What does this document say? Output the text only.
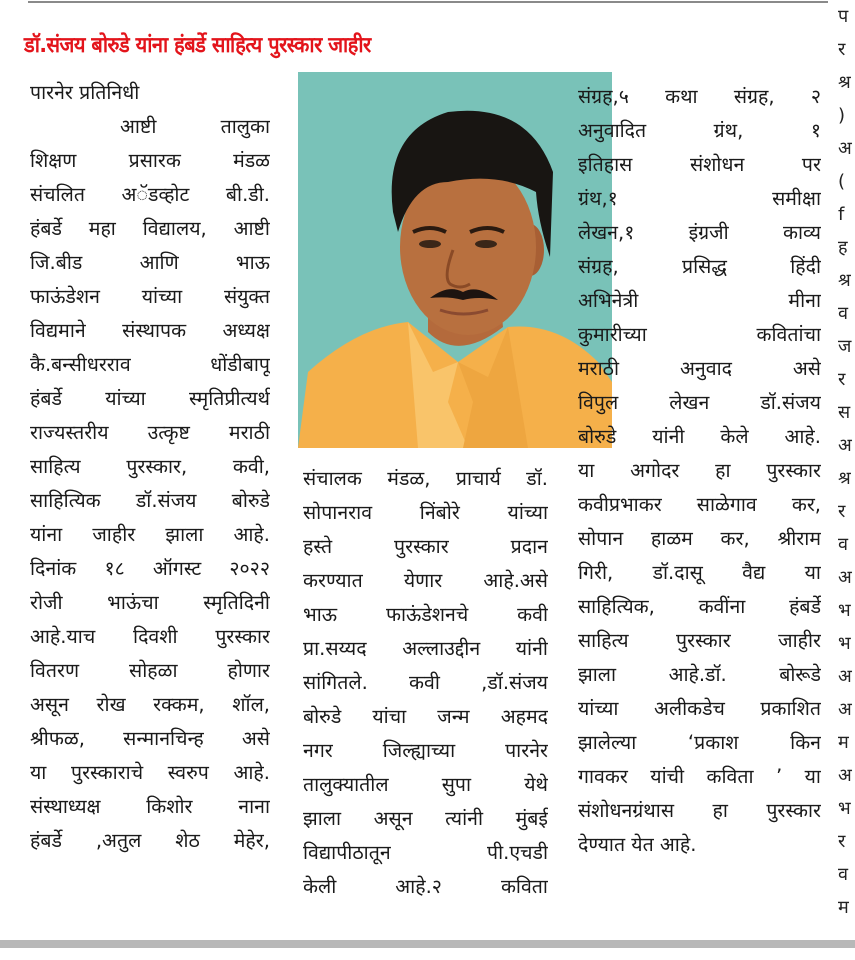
डॉ.संजय बोरुडे यांना हंबर्डे साहित्य पुरस्कार जाहीर
पारनेर प्रतिनिधी
आष्टी	तालुका
शिक्षण	प्रसारक	मंडळ
संचलित अॅडव्होट बी.डी.
हंबर्डे महा विद्यालय, आष्टी
जि.बीड	आणि	भाऊ
फाऊंडेशन यांच्या संयुक्त
विद्यमाने संस्थापक अध्यक्ष
कै.बन्सीधरराव	धोंडीबापू
हंबर्डे यांच्या स्मृतिप्रीत्यर्थ
राज्यस्तरीय उत्कृष्ट मराठी
साहित्य पुरस्कार, कवी,
साहित्यिक डॉ.संजय बोरुडे
यांना जाहीर झाला आहे.
दिनांक १८ ऑगस्ट २०२२
रोजी भाऊंचा स्मृतिदिनी
आहे.याच दिवशी पुरस्कार
वितरण	सोहळा	होणार
असून रोख रक्कम, शॉल,
श्रीफळ, सन्मानचिन्ह असे
या पुरस्काराचे स्वरुप आहे.
संस्थाध्यक्ष किशोर नाना
हंबर्डे ,अतुल शेठ मेहेर,
संचालक मंडळ, प्राचार्य डॉ.
सोपानराव निंबोरे यांच्या
हस्ते	पुरस्कार	प्रदान
करण्यात येणार आहे.असे
भाऊ	फाऊंडेशनचे	कवी
प्रा.सय्यद अल्लाउद्दीन यांनी
सांगितले. कवी ,डॉ.संजय
बोरुडे यांचा जन्म अहमद
नगर	जिल्ह्याच्या	पारनेर
तालुक्यातील	सुपा	येथे
झाला असून त्यांनी मुंबई
विद्यापीठातून	पी.एचडी
केली	आहे.२	कविता
संग्रह,५ कथा संग्रह, २
अनुवादित	ग्रंथ,	१
इतिहास	संशोधन	पर
ग्रंथ,१	समीक्षा
लेखन,१	इंग्रजी	काव्य
संग्रह,	प्रसिद्ध	हिंदी
अभिनेत्री	मीना
कुमारीच्या	कवितांचा
मराठी	अनुवाद	असे
विपुल	लेखन	डॉ.संजय
बोरुडे यांनी केले आहे.
या अगोदर हा पुरस्कार
कवीप्रभाकर साळेगाव कर,
सोपान हाळम कर, श्रीराम
गिरी, डॉ.दासू वैद्य या
साहित्यिक, कवींना हंबर्डे
साहित्य पुरस्कार जाहीर
झाला	आहे.डॉ.	बोरूडे
यांच्या अलीकडेच प्रकाशित
झालेल्या	‘प्रकाश	किन
गावकर यांची कविता ’ या
संशोधनग्रंथास हा पुरस्कार
देण्यात येत आहे.
प
र
श्र
)
अ
(
f
ह
श्र
व
ज
र
स
अ
श्र
र
व
अ
भ
भ
अ
अ
म
अ
भ
र
व
म
